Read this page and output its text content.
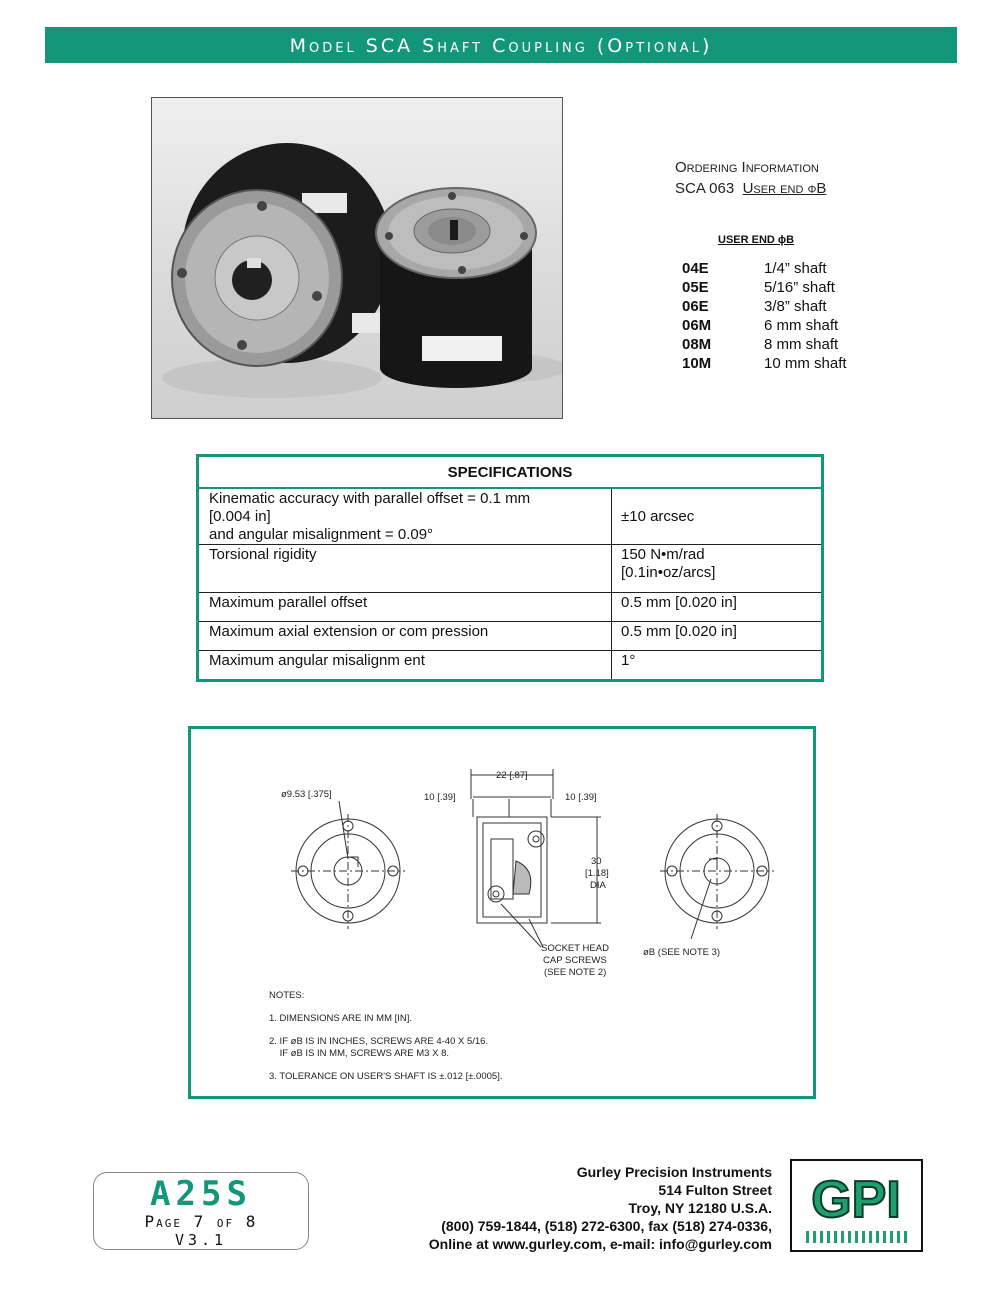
Model SCA Shaft Coupling (Optional)
Ordering Information
SCA 063 User end ϕB
USER END ϕB
04E	1/4” shaft
05E	5/16” shaft
06E	3/8” shaft
06M	6 mm shaft
08M	8 mm shaft
10M	10 mm shaft
SPECIFICATIONS	
Kinematic accuracy with parallel offset = 0.1 mm
[0.004 in]
and angular misalignment = 0.09°	±10 arcsec
Torsional rigidity	150 N•m/rad
[0.1in•oz/arcs]
Maximum parallel offset	0.5 mm [0.020 in]
Maximum axial extension or com pression	0.5 mm [0.020 in]
Maximum angular misalignm ent	1°
ø9.53 [.375]
22 [.87]
10 [.39]	10 [.39]
30
[1.18]
DIA
SOCKET HEAD
CAP SCREWS
(SEE NOTE 2)
øB (SEE NOTE 3)

NOTES:

1. DIMENSIONS ARE IN MM [IN].

2. IF øB IS IN INCHES, SCREWS ARE 4-40 X 5/16.
IF øB IS IN MM, SCREWS ARE M3 X 8.

3. TOLERANCE ON USER'S SHAFT IS ±.012 [±.0005].

A25S
Page 7 of 8
V3.1
Gurley Precision Instruments
514 Fulton Street
Troy, NY 12180 U.S.A.
(800) 759-1844, (518) 272-6300, fax (518) 274-0336,
Online at www.gurley.com, e-mail: info@gurley.com
GPI
